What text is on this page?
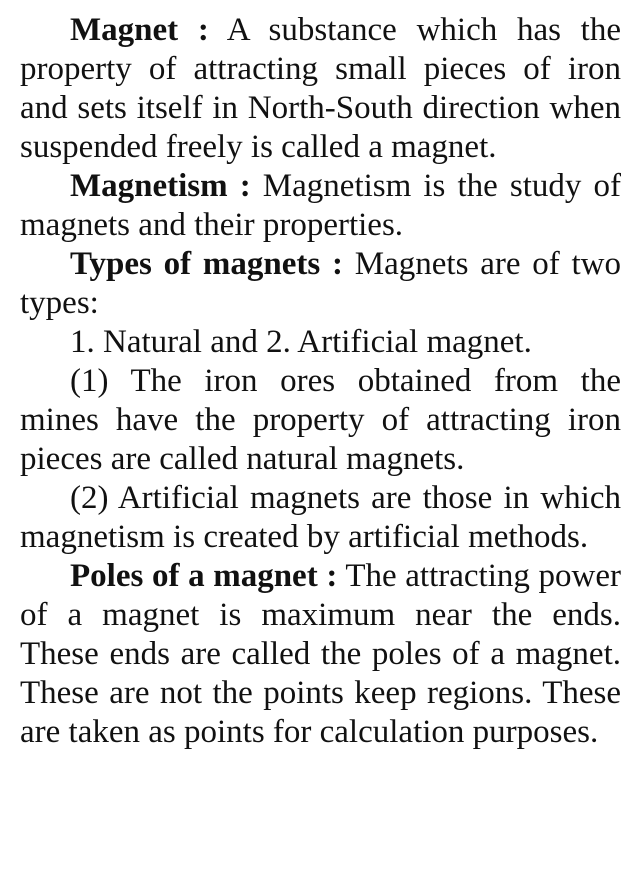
Magnet : A substance which has the property of attracting small pieces of iron and sets itself in North-South direction when suspended freely is called a magnet.

Magnetism : Magnetism is the study of magnets and their properties.

Types of magnets : Magnets are of two types:

1. Natural and 2. Artificial magnet.

(1) The iron ores obtained from the mines have the property of attracting iron pieces are called natural magnets.

(2) Artificial magnets are those in which magnetism is created by artificial methods.

Poles of a magnet : The attracting power of a magnet is maximum near the ends. These ends are called the poles of a magnet. These are not the points keep regions. These are taken as points for calculation purposes.
